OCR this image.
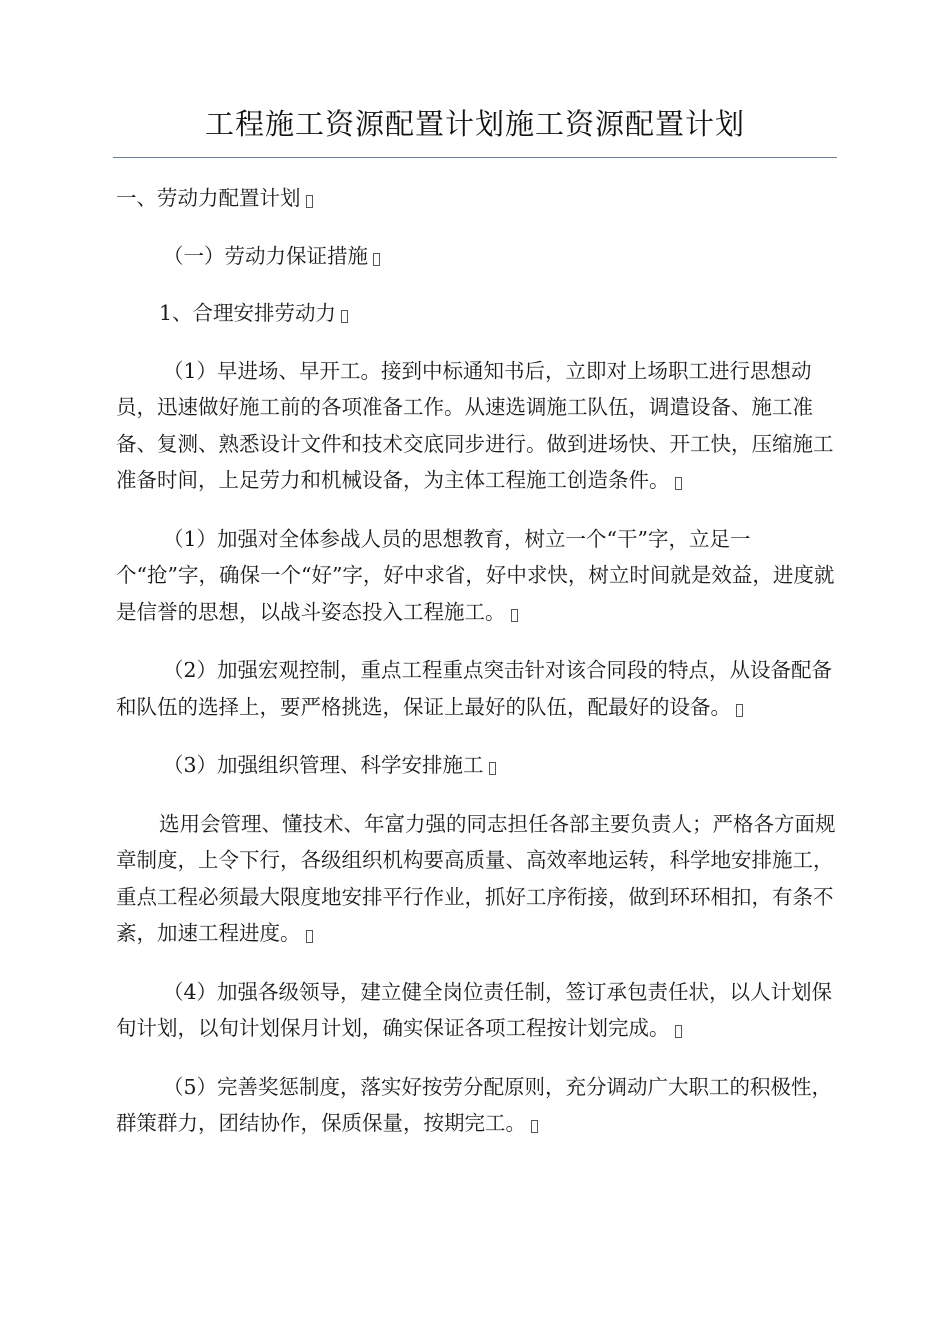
工程施工资源配置计划施工资源配置计划

一、劳动力配置计划

（一）劳动力保证措施

1、合理安排劳动力

（1）早进场、早开工。接到中标通知书后，立即对上场职工进行思想动员，迅速做好施工前的各项准备工作。从速选调施工队伍，调遣设备、施工准备、复测、熟悉设计文件和技术交底同步进行。做到进场快、开工快，压缩施工准备时间，上足劳力和机械设备，为主体工程施工创造条件。

（1）加强对全体参战人员的思想教育，树立一个“干”字，立足一个“抢”字，确保一个“好”字，好中求省，好中求快，树立时间就是效益，进度就是信誉的思想，以战斗姿态投入工程施工。

（2）加强宏观控制，重点工程重点突击针对该合同段的特点，从设备配备和队伍的选择上，要严格挑选，保证上最好的队伍，配最好的设备。

（3）加强组织管理、科学安排施工

选用会管理、懂技术、年富力强的同志担任各部主要负责人；严格各方面规章制度，上令下行，各级组织机构要高质量、高效率地运转，科学地安排施工，重点工程必须最大限度地安排平行作业，抓好工序衔接，做到环环相扣，有条不紊，加速工程进度。

（4）加强各级领导，建立健全岗位责任制，签订承包责任状，以人计划保旬计划，以旬计划保月计划，确实保证各项工程按计划完成。

（5）完善奖惩制度，落实好按劳分配原则，充分调动广大职工的积极性，群策群力，团结协作，保质保量，按期完工。
